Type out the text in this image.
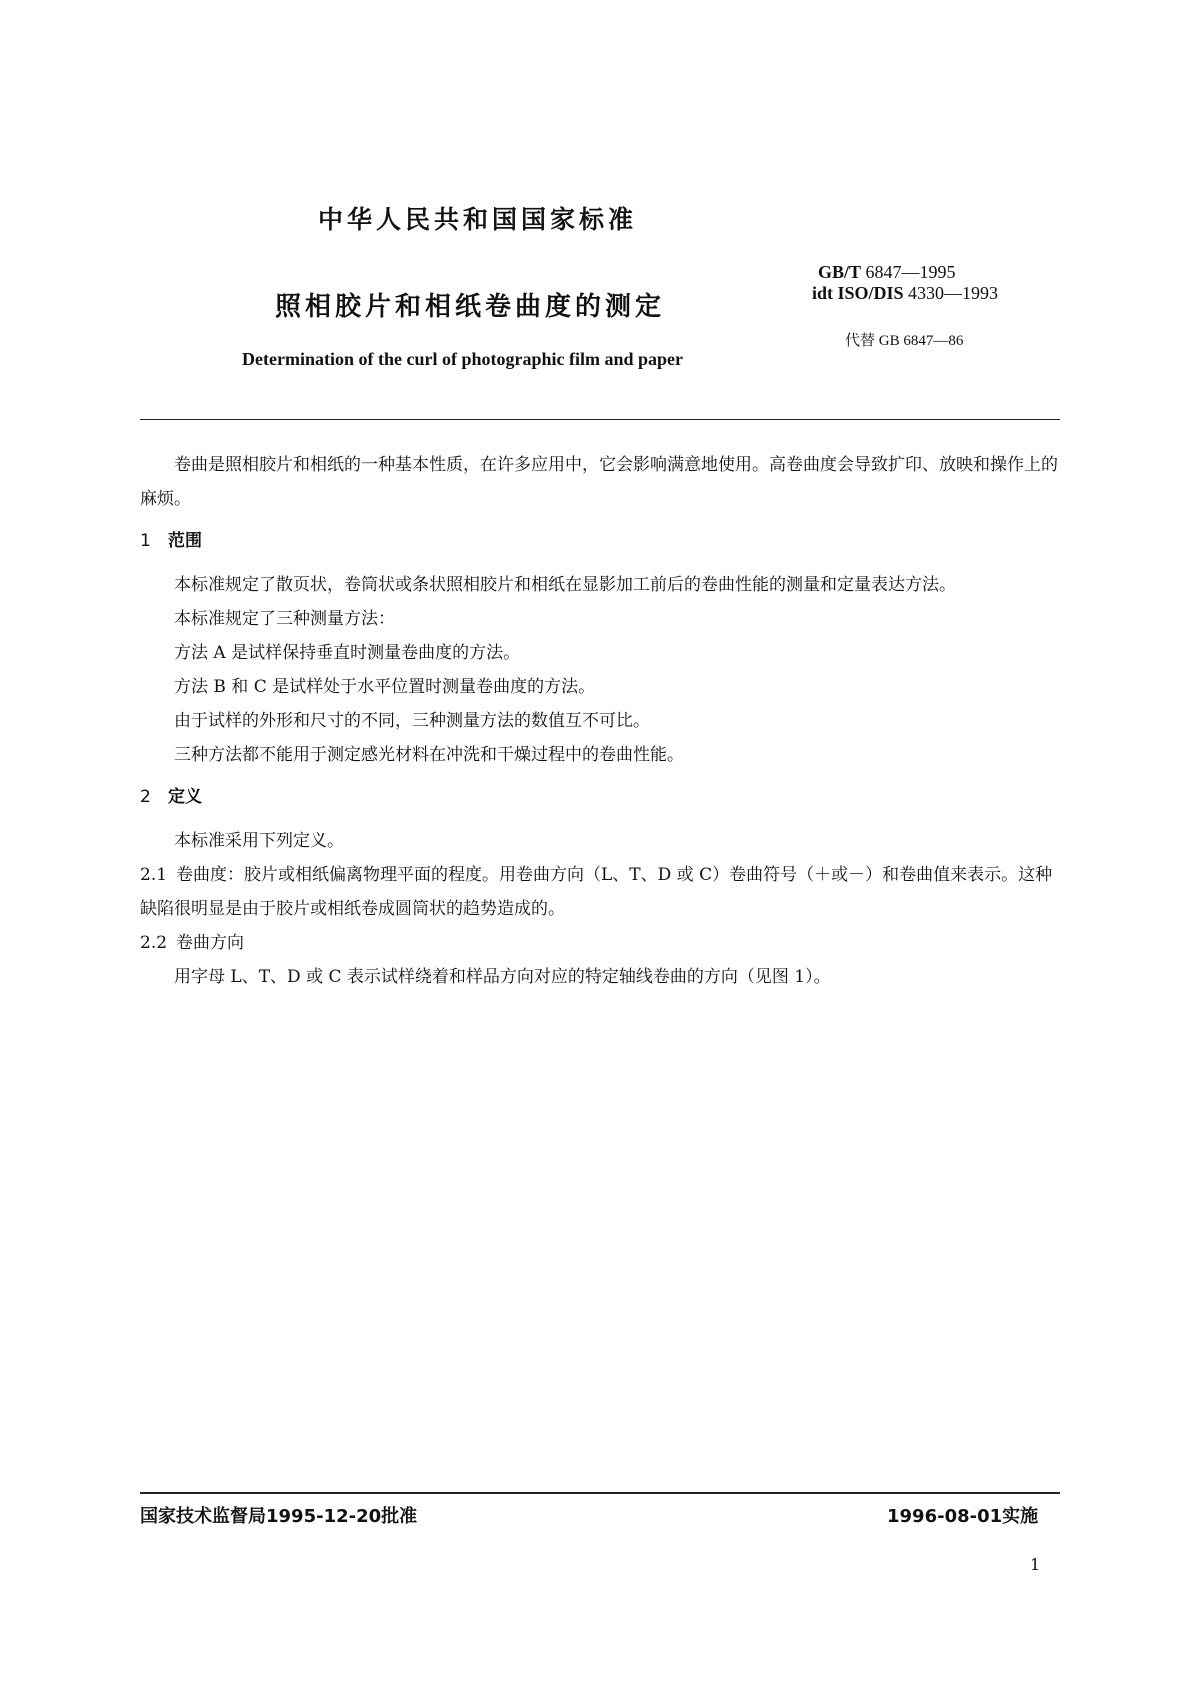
中华人民共和国国家标准
照相胶片和相纸卷曲度的测定
Determination of the curl of photographic film and paper
GB/T 6847—1995
idt ISO/DIS 4330—1993
代替 GB 6847—86

卷曲是照相胶片和相纸的一种基本性质，在许多应用中，它会影响满意地使用。高卷曲度会导致扩印、放映和操作上的麻烦。

1 范围

本标准规定了散页状，卷筒状或条状照相胶片和相纸在显影加工前后的卷曲性能的测量和定量表达方法。

本标准规定了三种测量方法：

方法 A 是试样保持垂直时测量卷曲度的方法。

方法 B 和 C 是试样处于水平位置时测量卷曲度的方法。

由于试样的外形和尺寸的不同，三种测量方法的数值互不可比。

三种方法都不能用于测定感光材料在冲洗和干燥过程中的卷曲性能。

2 定义

本标准采用下列定义。

2.1 卷曲度：胶片或相纸偏离物理平面的程度。用卷曲方向（L、T、D 或 C）卷曲符号（＋或－）和卷曲值来表示。这种缺陷很明显是由于胶片或相纸卷成圆筒状的趋势造成的。

2.2 卷曲方向

用字母 L、T、D 或 C 表示试样绕着和样品方向对应的特定轴线卷曲的方向（见图 1）。

国家技术监督局1995-12-20批准	1996-08-01实施
1
